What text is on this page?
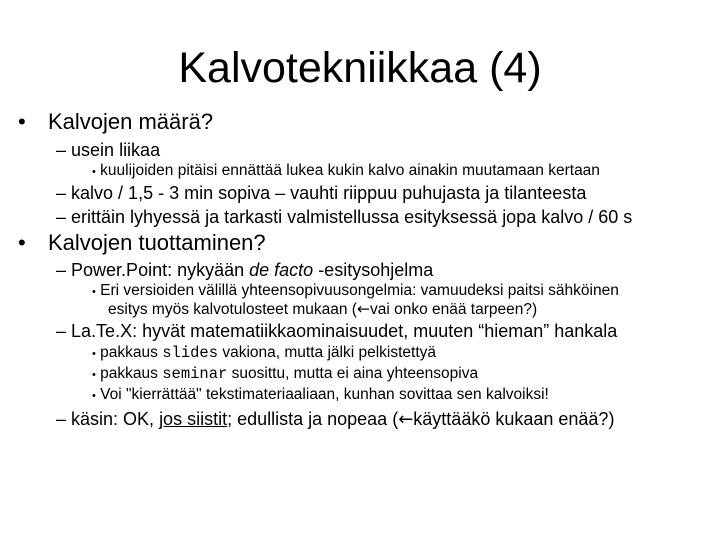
Kalvotekniikkaa (4)
• Kalvojen määrä?
– usein liikaa
• kuulijoiden pitäisi ennättää lukea kukin kalvo ainakin muutamaan kertaan
– kalvo / 1,5 - 3 min sopiva – vauhti riippuu puhujasta ja tilanteesta
– erittäin lyhyessä ja tarkasti valmistellussa esityksessä jopa kalvo / 60 s
• Kalvojen tuottaminen?
– Power.Point: nykyään de facto -esitysohjelma
• Eri versioiden välillä yhteensopivuusongelmia: vamuudeksi paitsi sähköinen
esitys myös kalvotulosteet mukaan (←vai onko enää tarpeen?)
– La.Te.X: hyvät matematiikkaominaisuudet, muuten “hieman” hankala
• pakkaus slides vakiona, mutta jälki pelkistettyä
• pakkaus seminar suosittu, mutta ei aina yhteensopiva
• Voi "kierrättää" tekstimateriaaliaan, kunhan sovittaa sen kalvoiksi!
– käsin: OK, jos siistit; edullista ja nopeaa (←käyttääkö kukaan enää?)
